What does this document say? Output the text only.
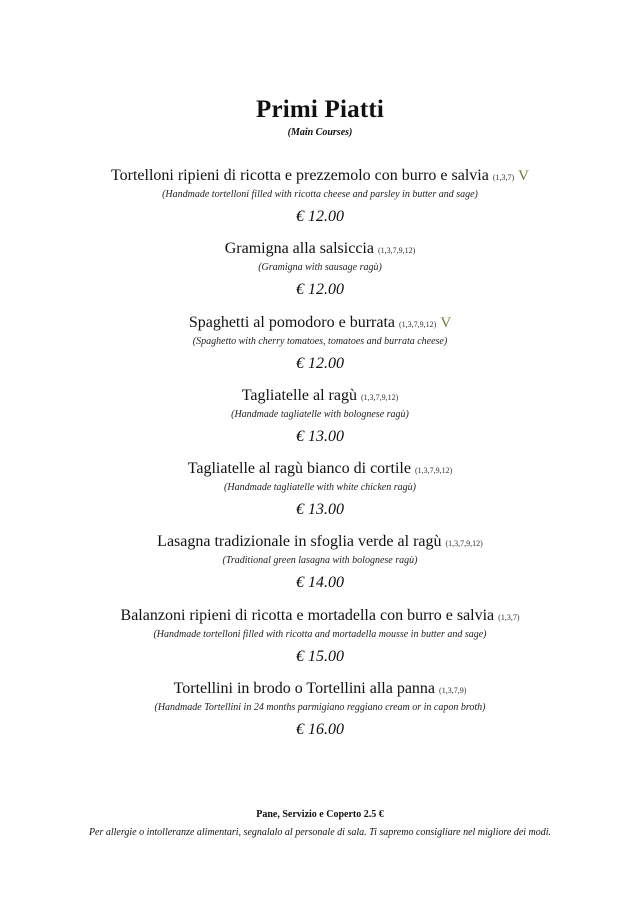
Primi Piatti
(Main Courses)
Tortelloni ripieni di ricotta e prezzemolo con burro e salvia (1,3,7) V
(Handmade tortelloni filled with ricotta cheese and parsley in butter and sage)
€ 12.00
Gramigna alla salsiccia (1,3,7,9,12)
(Gramigna with sausage ragù)
€ 12.00
Spaghetti al pomodoro e burrata (1,3,7,9,12) V
(Spaghetto with cherry tomatoes, tomatoes and burrata cheese)
€ 12.00
Tagliatelle al ragù (1,3,7,9,12)
(Handmade tagliatelle with bolognese ragù)
€ 13.00
Tagliatelle al ragù bianco di cortile (1,3,7,9,12)
(Handmade tagliatelle with white chicken ragù)
€ 13.00
Lasagna tradizionale in sfoglia verde al ragù (1,3,7,9,12)
(Traditional green lasagna with bolognese ragù)
€ 14.00
Balanzoni ripieni di ricotta e mortadella con burro e salvia (1,3,7)
(Handmade tortelloni filled with ricotta and mortadella mousse in butter and sage)
€ 15.00
Tortellini in brodo o Tortellini alla panna (1,3,7,9)
(Handmade Tortellini in 24 months parmigiano reggiano cream or in capon broth)
€ 16.00
Pane, Servizio e Coperto 2.5 €
Per allergie o intolleranze alimentari, segnalalo al personale di sala. Ti sapremo consigliare nel migliore dei modi.
